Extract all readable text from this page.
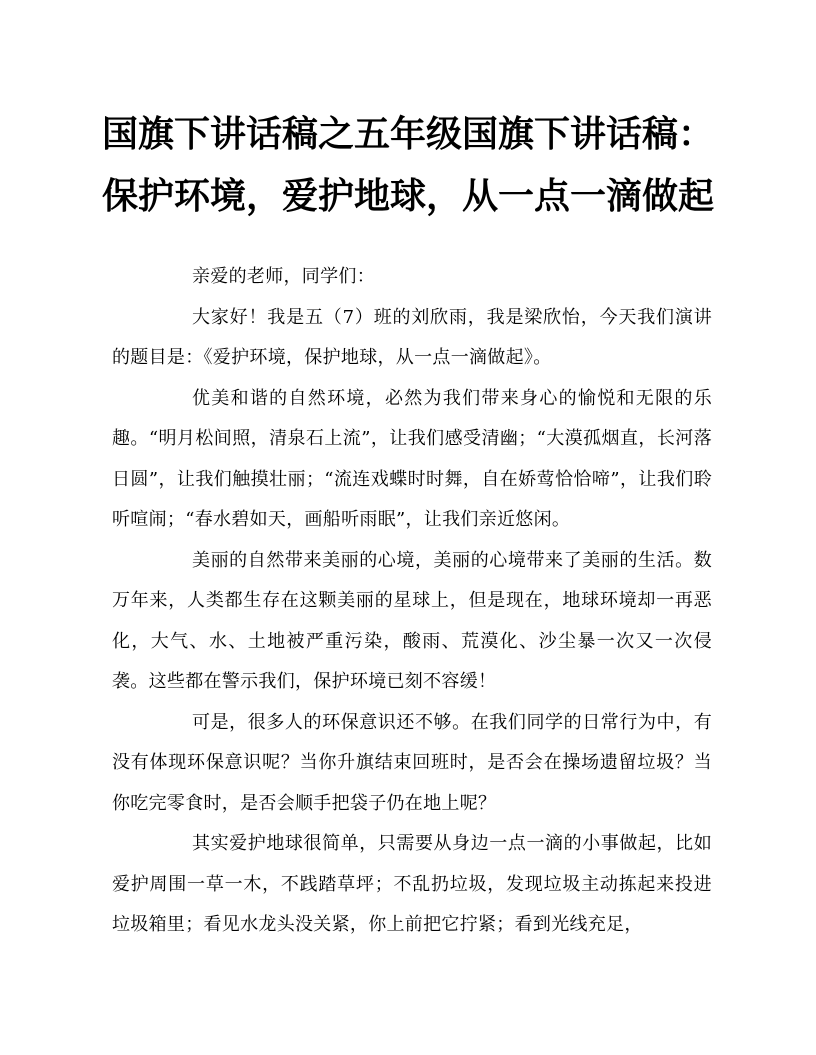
国旗下讲话稿之五年级国旗下讲话稿：
保护环境，爱护地球，从一点一滴做起

亲爱的老师，同学们：

大家好！我是五（7）班的刘欣雨，我是梁欣怡，今天我们演讲的题目是：《爱护环境，保护地球，从一点一滴做起》。

优美和谐的自然环境，必然为我们带来身心的愉悦和无限的乐趣。“明月松间照，清泉石上流”，让我们感受清幽；“大漠孤烟直，长河落日圆”，让我们触摸壮丽；“流连戏蝶时时舞，自在娇莺恰恰啼”，让我们聆听喧闹；“春水碧如天，画船听雨眠”，让我们亲近悠闲。

美丽的自然带来美丽的心境，美丽的心境带来了美丽的生活。数万年来，人类都生存在这颗美丽的星球上，但是现在，地球环境却一再恶化，大气、水、土地被严重污染，酸雨、荒漠化、沙尘暴一次又一次侵袭。这些都在警示我们，保护环境已刻不容缓！

可是，很多人的环保意识还不够。在我们同学的日常行为中，有没有体现环保意识呢？当你升旗结束回班时，是否会在操场遗留垃圾？当你吃完零食时，是否会顺手把袋子仍在地上呢？

其实爱护地球很简单，只需要从身边一点一滴的小事做起，比如爱护周围一草一木，不践踏草坪；不乱扔垃圾，发现垃圾主动拣起来投进垃圾箱里；看见水龙头没关紧，你上前把它拧紧；看到光线充足，
